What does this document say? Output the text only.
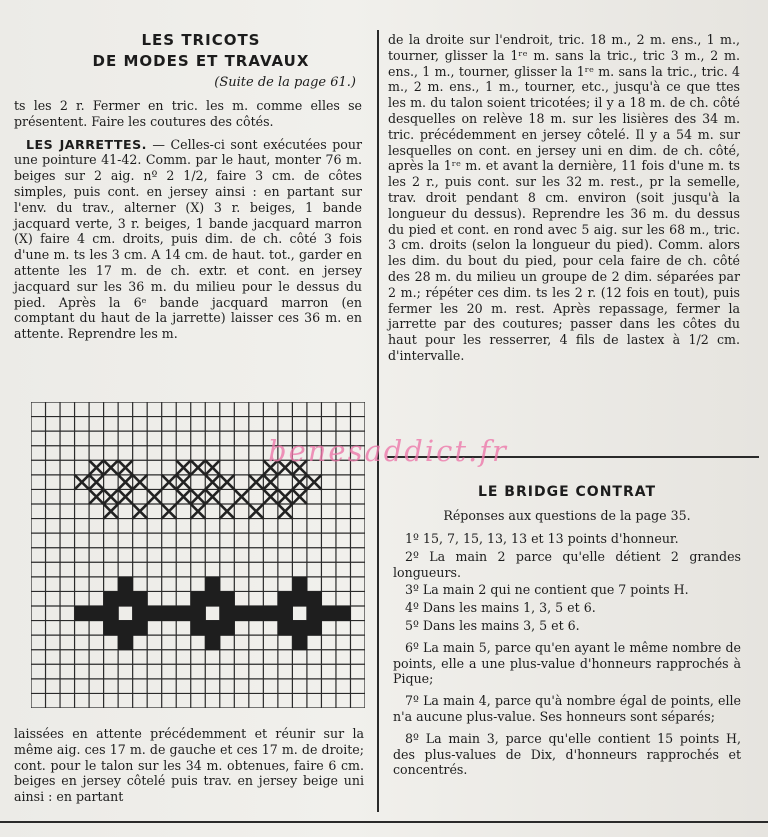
LES TRICOTS
DE MODES ET TRAVAUX
(Suite de la page 61.)

ts les 2 r. Fermer en tric. les m. comme elles se présentent. Faire les coutures des côtés.

LES JARRETTES. — Celles-ci sont exécutées pour une pointure 41-42. Comm. par le haut, monter 76 m. beiges sur 2 aig. nº 2 1/2, faire 3 cm. de côtes simples, puis cont. en jersey ainsi : en partant sur l'env. du trav., alterner (X) 3 r. beiges, 1 bande jacquard verte, 3 r. beiges, 1 bande jacquard marron (X) faire 4 cm. droits, puis dim. de ch. côté 3 fois d'une m. ts les 3 cm. A 14 cm. de haut. tot., garder en attente les 17 m. de ch. extr. et cont. en jersey jacquard sur les 36 m. du milieu pour le dessus du pied. Après la 6ᵉ bande jacquard marron (en comptant du haut de la jarrette) laisser ces 36 m. en attente. Reprendre les m.

laissées en attente précédemment et réunir sur la même aig. ces 17 m. de gauche et ces 17 m. de droite; cont. pour le talon sur les 34 m. obtenues, faire 6 cm. beiges en jersey côtelé puis trav. en jersey beige uni ainsi : en partant

de la droite sur l'endroit, tric. 18 m., 2 m. ens., 1 m., tourner, glisser la 1ʳᵉ m. sans la tric., tric 3 m., 2 m. ens., 1 m., tourner, glisser la 1ʳᵉ m. sans la tric., tric. 4 m., 2 m. ens., 1 m., tourner, etc., jusqu'à ce que ttes les m. du talon soient tricotées; il y a 18 m. de ch. côté desquelles on relève 18 m. sur les lisières des 34 m. tric. précédemment en jersey côtelé. Il y a 54 m. sur lesquelles on cont. en jersey uni en dim. de ch. côté, après la 1ʳᵉ m. et avant la dernière, 11 fois d'une m. ts les 2 r., puis cont. sur les 32 m. rest., pr la semelle, trav. droit pendant 8 cm. environ (soit jusqu'à la longueur du dessus). Reprendre les 36 m. du dessus du pied et cont. en rond avec 5 aig. sur les 68 m., tric. 3 cm. droits (selon la longueur du pied). Comm. alors les dim. du bout du pied, pour cela faire de ch. côté des 28 m. du milieu un groupe de 2 dim. séparées par 2 m.; répéter ces dim. ts les 2 r. (12 fois en tout), puis fermer les 20 m. rest. Après repassage, fermer la jarrette par des coutures; passer dans les côtes du haut pour les resserrer, 4 fils de lastex à 1/2 cm. d'intervalle.

LE BRIDGE CONTRAT
Réponses aux questions de la page 35.

1º 15, 7, 15, 13, 13 et 13 points d'honneur.

2º La main 2 parce qu'elle détient 2 grandes longueurs.

3º La main 2 qui ne contient que 7 points H.

4º Dans les mains 1, 3, 5 et 6.

5º Dans les mains 3, 5 et 6.

6º La main 5, parce qu'en ayant le même nombre de points, elle a une plus-value d'honneurs rapprochés à Pique;

7º La main 4, parce qu'à nombre égal de points, elle n'a aucune plus-value. Ses honneurs sont séparés;

8º La main 3, parce qu'elle contient 15 points H, des plus-values de Dix, d'honneurs rapprochés et concentrés.

benesaddict.fr
